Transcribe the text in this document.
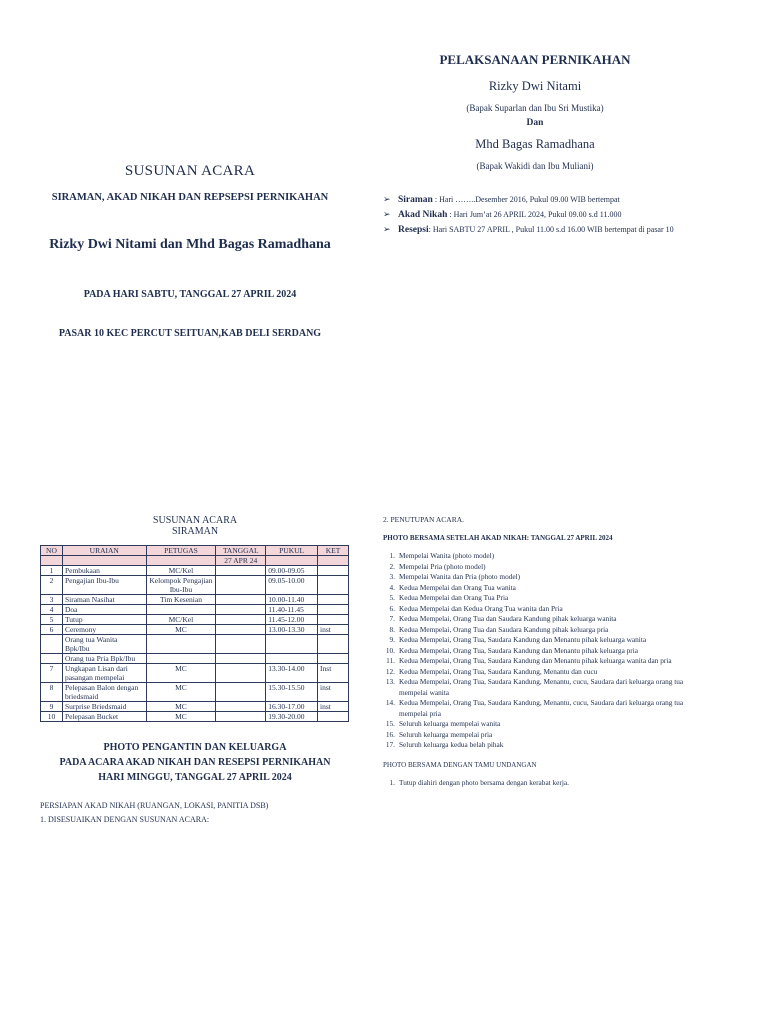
SUSUNAN ACARA
SIRAMAN, AKAD NIKAH DAN REPSEPSI PERNIKAHAN
Rizky Dwi Nitami dan Mhd Bagas Ramadhana
PADA HARI SABTU, TANGGAL 27 APRIL 2024
PASAR 10 KEC PERCUT SEITUAN,KAB DELI SERDANG
PELAKSANAAN PERNIKAHAN
Rizky Dwi Nitami
(Bapak Suparlan dan Ibu Sri Mustika)
Dan
Mhd Bagas Ramadhana
(Bapak Wakidi dan Ibu Muliani)
➢ Siraman : Hari ……..Desember 2016, Pukul 09.00 WIB bertempat
➢ Akad Nikah : Hari Jum’at 26 APRIL 2024, Pukul 09.00 s.d 11.000
➢ Resepsi: Hari SABTU 27 APRIL , Pukul 11.00 s.d 16.00 WIB bertempat di pasar 10
SUSUNAN ACARA
SIRAMAN
NO	URAIAN	PETUGAS	TANGGAL	PUKUL	KET
			27 APR 24		
1	Pembukaan	MC/Kel		09.00-09.05	
2	Pengajian Ibu-Ibu	Kelompok Pengajian Ibu-Ibu		09.05-10.00	
3	Siraman Nasihat	Tim Kesenian		10.00-11.40	
4	Doa			11.40-11.45	
5	Tutup	MC/Kel		11.45-12.00	
6	Ceremony	MC		13.00-13.30	inst
	Orang tua Wanita Bpk/Ibu				
	Orang tua Pria Bpk/Ibu				
7	Ungkapan Lisan dari pasangan mempelai	MC		13.30-14.00	Inst
8	Pelepasan Balon dengan briedsmaid	MC		15.30-15.50	inst
9	Surprise Briedsmaid	MC		16.30-17.00	inst
10	Pelepasan Bucket	MC		19.30-20.00	
PHOTO PENGANTIN DAN KELUARGA
PADA ACARA AKAD NIKAH DAN RESEPSI PERNIKAHAN
HARI MINGGU, TANGGAL 27 APRIL 2024
PERSIAPAN AKAD NIKAH (RUANGAN, LOKASI, PANITIA DSB)
1. DISESUAIKAN DENGAN SUSUNAN ACARA:
2. PENUTUPAN ACARA.
PHOTO BERSAMA SETELAH AKAD NIKAH: TANGGAL 27 APRIL 2024
1. Mempelai Wanita (photo model)
2. Mempelai Pria (photo model)
3. Mempelai Wanita dan Pria (photo model)
4. Kedua Mempelai dan Orang Tua wanita
5. Kedua Mempelai dan Orang Tua Pria
6. Kedua Mempelai dan Kedua Orang Tua wanita dan Pria
7. Kedua Mempelai, Orang Tua dan Saudara Kandung pihak keluarga wanita
8. Kedua Mempelai, Orang Tua dan Saudara Kandung pihak keluarga pria
9. Kedua Mempelai, Orang Tua, Saudara Kandung dan Menantu pihak keluarga wanita
10. Kedua Mempelai, Orang Tua, Saudara Kandung dan Menantu pihak keluarga pria
11. Kedua Mempelai, Orang Tua, Saudara Kandung dan Menantu pihak keluarga wanita dan pria
12. Kedua Mempelai, Orang Tua, Saudara Kandung, Menantu dan cucu
13. Kedua Mempelai, Orang Tua, Saudara Kandung, Menantu, cucu, Saudara dari keluarga orang tua mempelai wanita
14. Kedua Mempelai, Orang Tua, Saudara Kandung, Menantu, cucu, Saudara dari keluarga orang tua mempelai pria
15. Seluruh keluarga mempelai wanita
16. Seluruh keluarga mempelai pria
17. Seluruh keluarga kedua belah pihak
PHOTO BERSAMA DENGAN TAMU UNDANGAN
1. Tutup diahiri dengan photo bersama dengan kerabat kerja.
